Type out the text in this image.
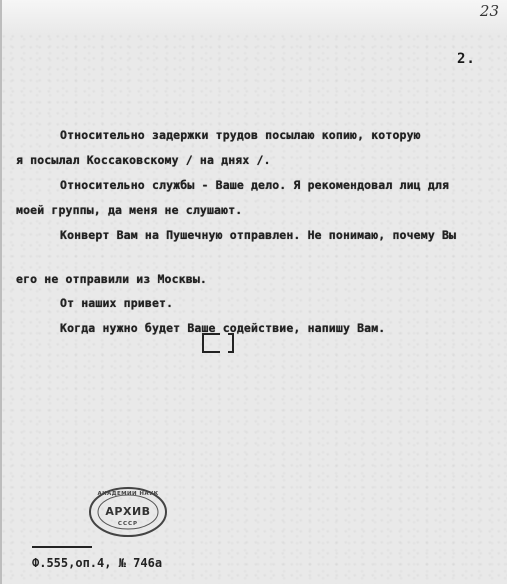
23
2.
Относительно задержки трудов посылаю копию, которую
я посылал Коссаковскому / на днях /.
Относительно службы - Ваше дело. Я рекомендовал лиц для
моей группы, да меня не слушают.
Конверт Вам на Пушечную отправлен. Не понимаю, почему Вы
его не отправили из Москвы.
От наших привет.
Когда нужно будет Ваше содействие, напишу Вам.
АКАДЕМИИ НАУК
АРХИВ
СССР
Ф.555,оп.4, № 746а
